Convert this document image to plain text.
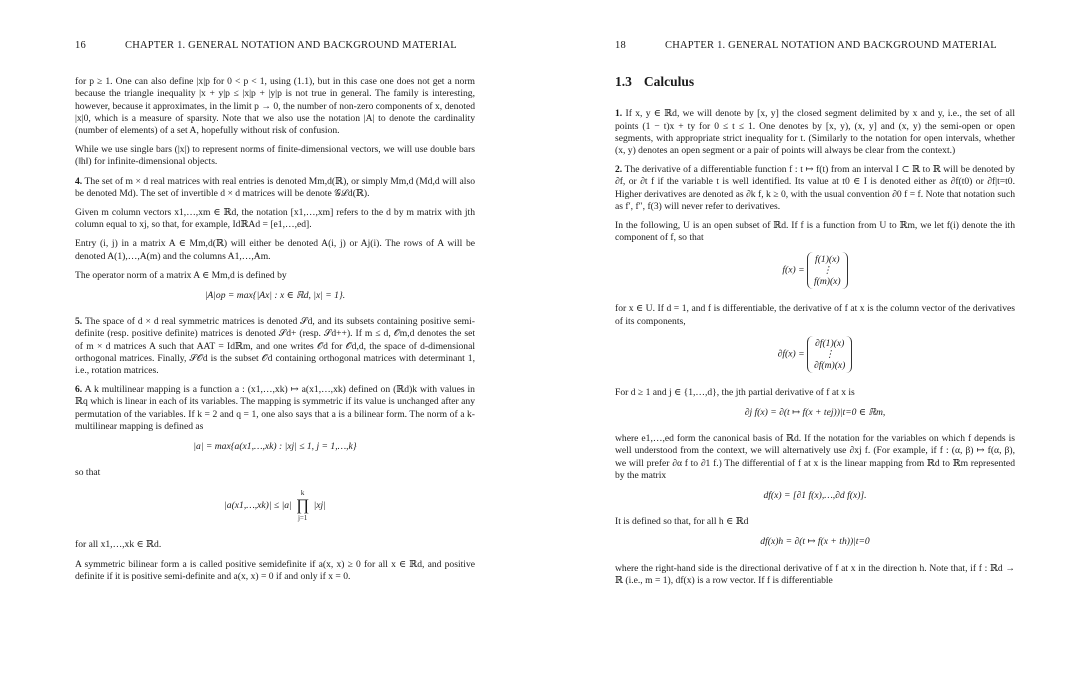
16	CHAPTER 1. GENERAL NOTATION AND BACKGROUND MATERIAL

for p ≥ 1. One can also define |x|p for 0 < p < 1, using (1.1), but in this case one does not get a norm because the triangle inequality |x + y|p ≤ |x|p + |y|p is not true in general. The family is interesting, however, because it approximates, in the limit p → 0, the number of non-zero components of x, denoted |x|0, which is a measure of sparsity. Note that we also use the notation |A| to denote the cardinality (number of elements) of a set A, hopefully without risk of confusion.

While we use single bars (|x|) to represent norms of finite-dimensional vectors, we will use double bars (‖h‖) for infinite-dimensional objects.

4. The set of m × d real matrices with real entries is denoted Mm,d(ℝ), or simply Mm,d (Md,d will also be denoted Md). The set of invertible d × d matrices will be denote 𝒢ℒd(ℝ).

Given m column vectors x1,…,xm ∈ ℝd, the notation [x1,…,xm] refers to the d by m matrix with jth column equal to xj, so that, for example, IdℝAd = [e1,…,ed].

Entry (i, j) in a matrix A ∈ Mm,d(ℝ) will either be denoted A(i, j) or Aj(i). The rows of A will be denoted A(1),…,A(m) and the columns A1,…,Am.

The operator norm of a matrix A ∈ Mm,d is defined by

|A|op = max{|Ax| : x ∈ ℝd, |x| = 1}.

5. The space of d × d real symmetric matrices is denoted 𝒮d, and its subsets containing positive semi-definite (resp. positive definite) matrices is denoted 𝒮d+ (resp. 𝒮d++). If m ≤ d, 𝒪m,d denotes the set of m × d matrices A such that AAT = Idℝm, and one writes 𝒪d for 𝒪d,d, the space of d-dimensional orthogonal matrices. Finally, 𝒮𝒪d is the subset 𝒪d containing orthogonal matrices with determinant 1, i.e., rotation matrices.

6. A k multilinear mapping is a function a : (x1,…,xk) ↦ a(x1,…,xk) defined on (ℝd)k with values in ℝq which is linear in each of its variables. The mapping is symmetric if its value is unchanged after any permutation of the variables. If k = 2 and q = 1, one also says that a is a bilinear form. The norm of a k-multilinear mapping is defined as

|a| = max{a(x1,…,xk) : |xj| ≤ 1, j = 1,…,k}

so that

|a(x1,…,xk)| ≤ |a|
k
∏
j=1
|xj|

for all x1,…,xk ∈ ℝd.

A symmetric bilinear form a is called positive semidefinite if a(x, x) ≥ 0 for all x ∈ ℝd, and positive definite if it is positive semi-definite and a(x, x) = 0 if and only if x = 0.

18	CHAPTER 1. GENERAL NOTATION AND BACKGROUND MATERIAL
1.3 Calculus

1. If x, y ∈ ℝd, we will denote by [x, y] the closed segment delimited by x and y, i.e., the set of all points (1 − t)x + ty for 0 ≤ t ≤ 1. One denotes by [x, y), (x, y] and (x, y) the semi-open or open segments, with appropriate strict inequality for t. (Similarly to the notation for open intervals, whether (x, y) denotes an open segment or a pair of points will always be clear from the context.)

2. The derivative of a differentiable function f : t ↦ f(t) from an interval I ⊂ ℝ to ℝ will be denoted by ∂f, or ∂t f if the variable t is well identified. Its value at t0 ∈ I is denoted either as ∂f(t0) or ∂f|t=t0. Higher derivatives are denoted as ∂k f, k ≥ 0, with the usual convention ∂0 f = f. Note that notation such as f′, f″, f(3) will never refer to derivatives.

In the following, U is an open subset of ℝd. If f is a function from U to ℝm, we let f(i) denote the ith component of f, so that

f(x) =
f(1)(x)
⋮
f(m)(x)

for x ∈ U. If d = 1, and f is differentiable, the derivative of f at x is the column vector of the derivatives of its components,

∂f(x) =
∂f(1)(x)
⋮
∂f(m)(x)

For d ≥ 1 and j ∈ {1,…,d}, the jth partial derivative of f at x is

∂j f(x) = ∂(t ↦ f(x + tej))|t=0 ∈ ℝm,

where e1,…,ed form the canonical basis of ℝd. If the notation for the variables on which f depends is well understood from the context, we will alternatively use ∂xj f. (For example, if f : (α, β) ↦ f(α, β), we will prefer ∂α f to ∂1 f.) The differential of f at x is the linear mapping from ℝd to ℝm represented by the matrix

df(x) = [∂1 f(x),…,∂d f(x)].

It is defined so that, for all h ∈ ℝd

df(x)h = ∂(t ↦ f(x + th))|t=0

where the right-hand side is the directional derivative of f at x in the direction h. Note that, if f : ℝd → ℝ (i.e., m = 1), df(x) is a row vector. If f is differentiable
